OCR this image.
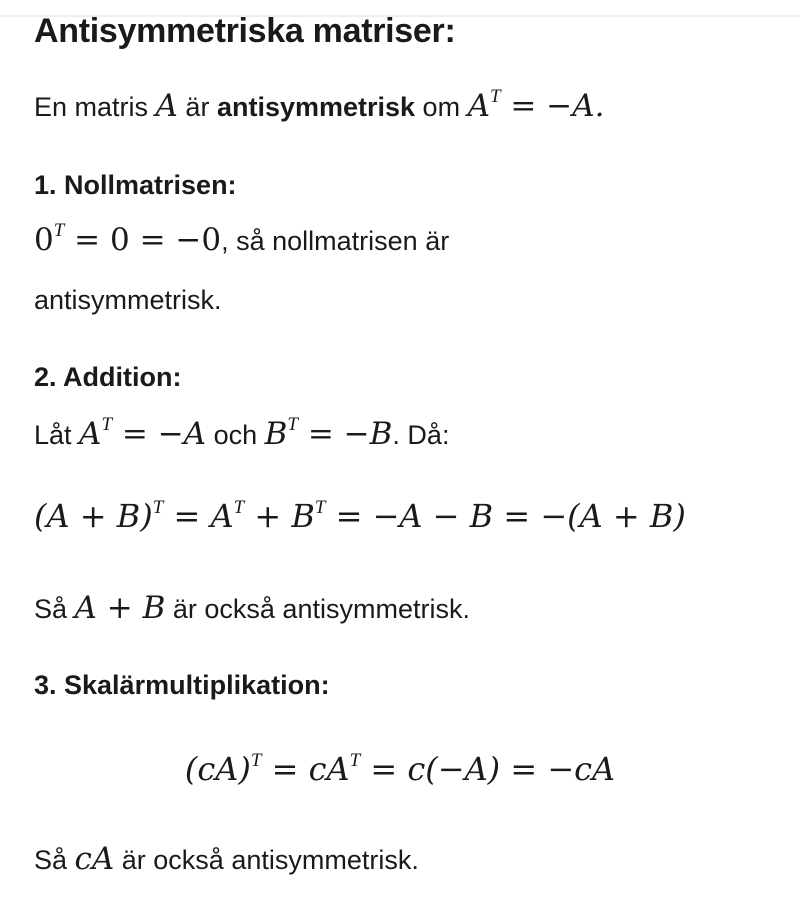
Antisymmetriska matriser:
En matris A är antisymmetrisk om $A^T = -A$.
1. Nollmatrisen:
$0^T = 0 = -0$, så nollmatrisen är
antisymmetrisk.
2. Addition:
Låt $A^T = -A$ och $B^T = -B$. Då:
$(A + B)^T = A^T + B^T = -A - B = -(A + B)$
Så A + B är också antisymmetrisk.
3. Skalärmultiplikation:
$(cA)^T = cA^T = c(-A) = -cA$
Så cA är också antisymmetrisk.
